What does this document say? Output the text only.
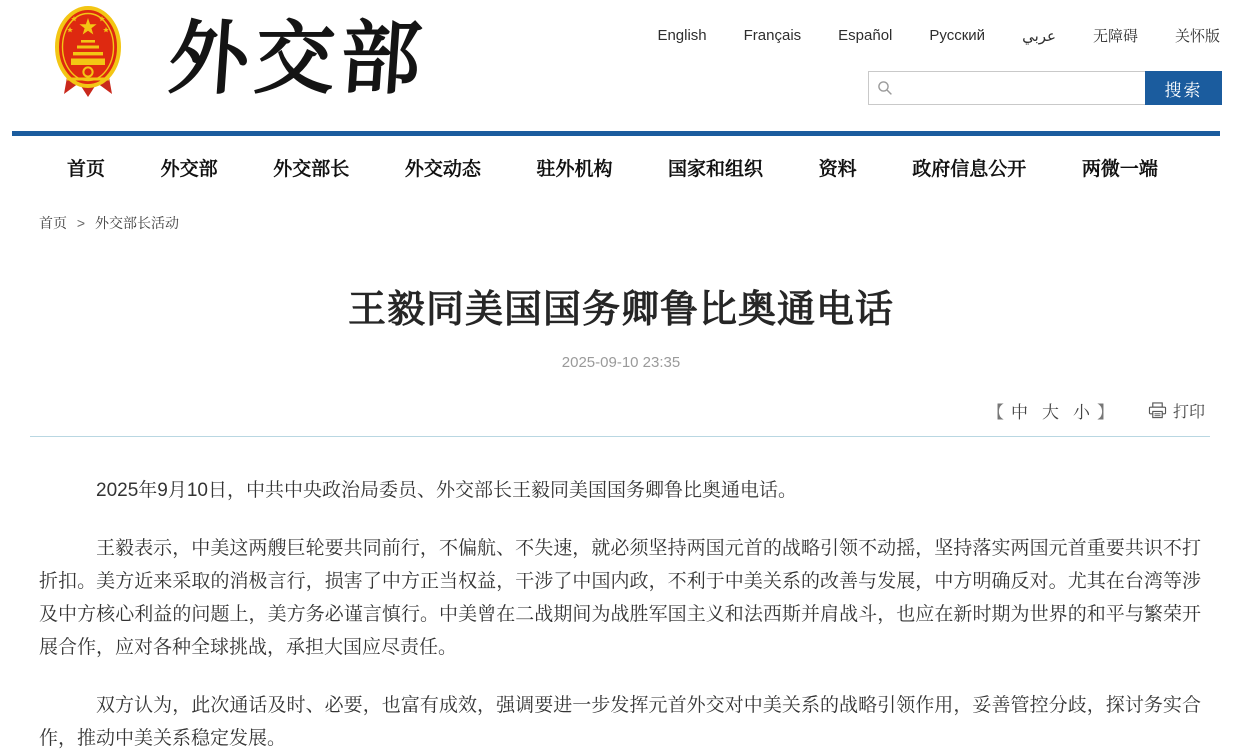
外交部	English Français Español Русский عربي 无障碍 关怀版
搜索
首页	外交部	外交部长	外交动态	驻外机构	国家和组织	资料	政府信息公开	两微一端
首页 > 外交部长活动
王毅同美国国务卿鲁比奥通电话
2025-09-10 23:35
【 中 大 小 】	打印

2025年9月10日，中共中央政治局委员、外交部长王毅同美国国务卿鲁比奥通电话。

王毅表示，中美这两艘巨轮要共同前行，不偏航、不失速，就必须坚持两国元首的战略引领不动摇，坚持落实两国元首重要共识不打折扣。美方近来采取的消极言行，损害了中方正当权益，干涉了中国内政，不利于中美关系的改善与发展，中方明确反对。尤其在台湾等涉及中方核心利益的问题上，美方务必谨言慎行。中美曾在二战期间为战胜军国主义和法西斯并肩战斗，也应在新时期为世界的和平与繁荣开展合作，应对各种全球挑战，承担大国应尽责任。

双方认为，此次通话及时、必要，也富有成效，强调要进一步发挥元首外交对中美关系的战略引领作用，妥善管控分歧，探讨务实合作，推动中美关系稳定发展。
